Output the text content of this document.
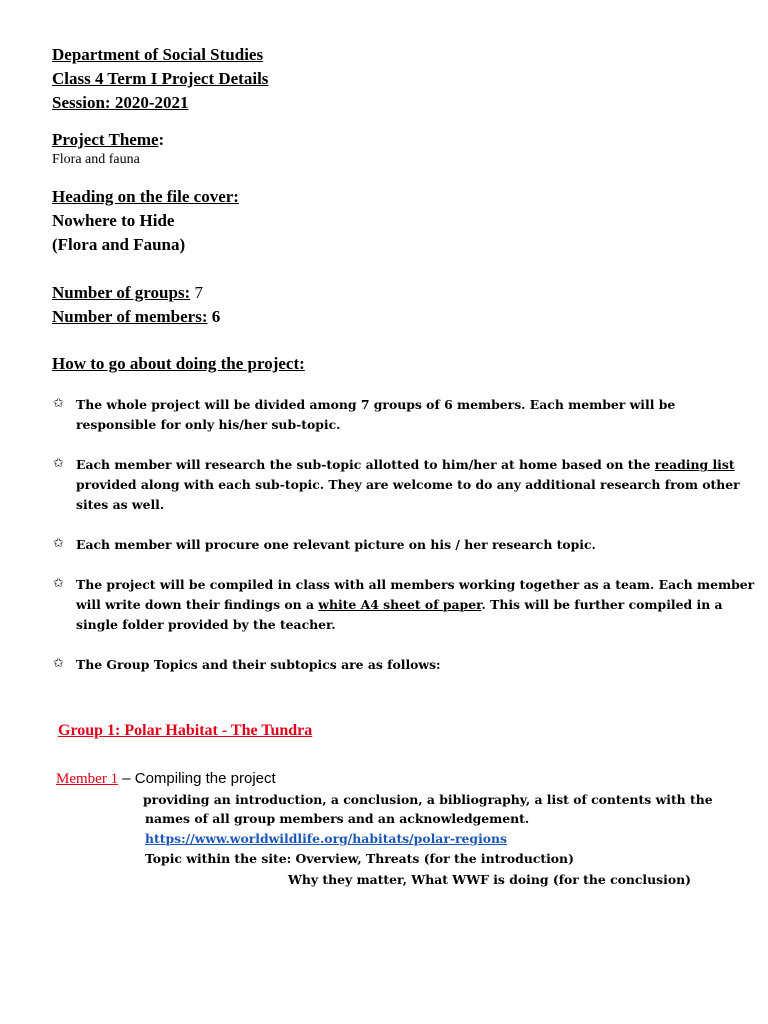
Department of Social Studies
Class 4 Term I Project Details
Session: 2020-2021
Project Theme:
Flora and fauna
Heading on the file cover:
Nowhere to Hide
(Flora and Fauna)
Number of groups: 7
Number of members: 6
How to go about doing the project:
✩ The whole project will be divided among 7 groups of 6 members. Each member will be
responsible for only his/her sub-topic.
✩ Each member will research the sub-topic allotted to him/her at home based on the reading list
provided along with each sub-topic. They are welcome to do any additional research from other
sites as well.
✩ Each member will procure one relevant picture on his / her research topic.
✩ The project will be compiled in class with all members working together as a team. Each member
will write down their findings on a white A4 sheet of paper. This will be further compiled in a
single folder provided by the teacher.
✩ The Group Topics and their subtopics are as follows:
Group 1: Polar Habitat - The Tundra
Member 1 – Compiling the project
providing an introduction, a conclusion, a bibliography, a list of contents with the
names of all group members and an acknowledgement.
https://www.worldwildlife.org/habitats/polar-regions
Topic within the site: Overview, Threats (for the introduction)
Why they matter, What WWF is doing (for the conclusion)
